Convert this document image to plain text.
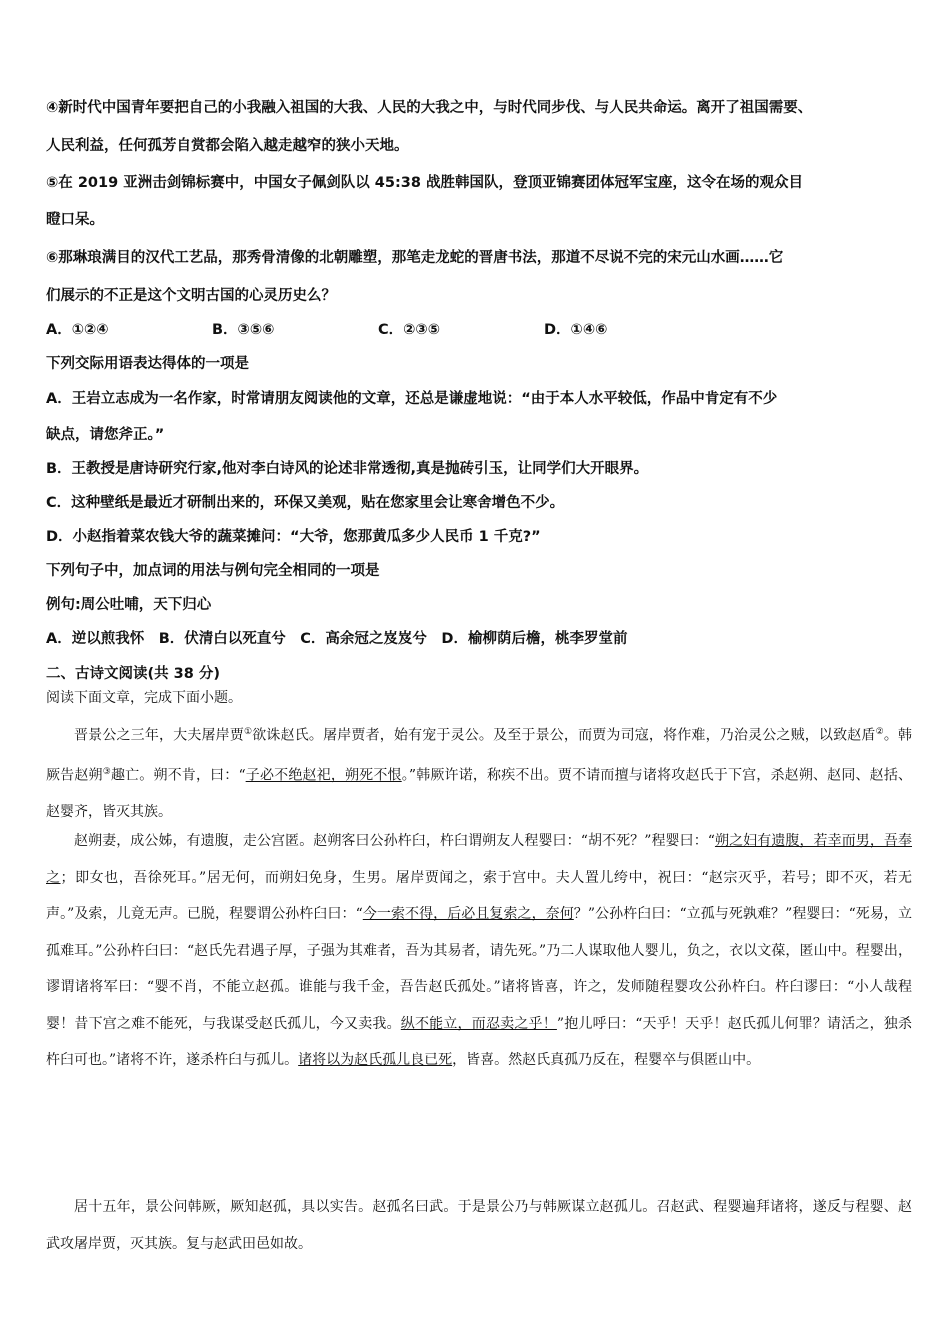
④新时代中国青年要把自己的小我融入祖国的大我、人民的大我之中，与时代同步伐、与人民共命运。离开了祖国需要、
人民利益，任何孤芳自赏都会陷入越走越窄的狭小天地。
⑤在 2019 亚洲击剑锦标赛中，中国女子佩剑队以 45:38 战胜韩国队，登顶亚锦赛团体冠军宝座，这令在场的观众目
瞪口呆。
⑥那琳琅满目的汉代工艺品，那秀骨清像的北朝雕塑，那笔走龙蛇的晋唐书法，那道不尽说不完的宋元山水画……它
们展示的不正是这个文明古国的心灵历史么？
A．①②④	B．③⑤⑥	C．②③⑤	D．①④⑥
下列交际用语表达得体的一项是
A．王岩立志成为一名作家，时常请朋友阅读他的文章，还总是谦虚地说：“由于本人水平较低，作品中肯定有不少
缺点，请您斧正。”
B．王教授是唐诗研究行家,他对李白诗风的论述非常透彻,真是抛砖引玉，让同学们大开眼界。
C．这种壁纸是最近才研制出来的，环保又美观，贴在您家里会让寒舍增色不少。
D．小赵指着菜农钱大爷的蔬菜摊问：“大爷，您那黄瓜多少人民币 1 千克?”
下列句子中，加点词的用法与例句完全相同的一项是
例句:周公吐哺，天下归心
A．逆以煎我怀　B．伏清白以死直兮　C．高余冠之岌岌兮　D．榆柳荫后檐，桃李罗堂前
二、古诗文阅读(共 38 分)
阅读下面文章，完成下面小题。
晋景公之三年，大夫屠岸贾①欲诛赵氏。屠岸贾者，始有宠于灵公。及至于景公，而贾为司寇，将作难，乃治灵公之贼，以致赵盾②。韩厥告赵朔③趣亡。朔不肯，曰：“子必不绝赵祀，朔死不恨。”韩厥许诺，称疾不出。贾不请而擅与诸将攻赵氏于下宫，杀赵朔、赵同、赵括、赵婴齐，皆灭其族。
赵朔妻，成公姊，有遗腹，走公宫匿。赵朔客曰公孙杵臼，杵臼谓朔友人程婴曰：“胡不死？”程婴曰：“朔之妇有遗腹，若幸而男，吾奉之；即女也，吾徐死耳。”居无何，而朔妇免身，生男。屠岸贾闻之，索于宫中。夫人置儿绔中，祝曰：“赵宗灭乎，若号；即不灭，若无声。”及索，儿竟无声。已脱，程婴谓公孙杵臼曰：“今一索不得，后必且复索之，奈何？”公孙杵臼曰：“立孤与死孰难？”程婴曰：“死易，立孤难耳。”公孙杵臼曰：“赵氏先君遇子厚，子强为其难者，吾为其易者，请先死。”乃二人谋取他人婴儿，负之，衣以文葆，匿山中。程婴出，谬谓诸将军曰：“婴不肖，不能立赵孤。谁能与我千金，吾告赵氏孤处。”诸将皆喜，许之，发师随程婴攻公孙杵臼。杵臼谬曰：“小人哉程婴！昔下宫之难不能死，与我谋受赵氏孤儿，今又卖我。纵不能立，而忍卖之乎！”抱儿呼曰：“天乎！天乎！赵氏孤儿何罪？请活之，独杀杵臼可也。”诸将不许，遂杀杵臼与孤儿。诸将以为赵氏孤儿良已死，皆喜。然赵氏真孤乃反在，程婴卒与俱匿山中。
居十五年，景公问韩厥，厥知赵孤，具以实告。赵孤名曰武。于是景公乃与韩厥谋立赵孤儿。召赵武、程婴遍拜诸将，遂反与程婴、赵武攻屠岸贾，灭其族。复与赵武田邑如故。
